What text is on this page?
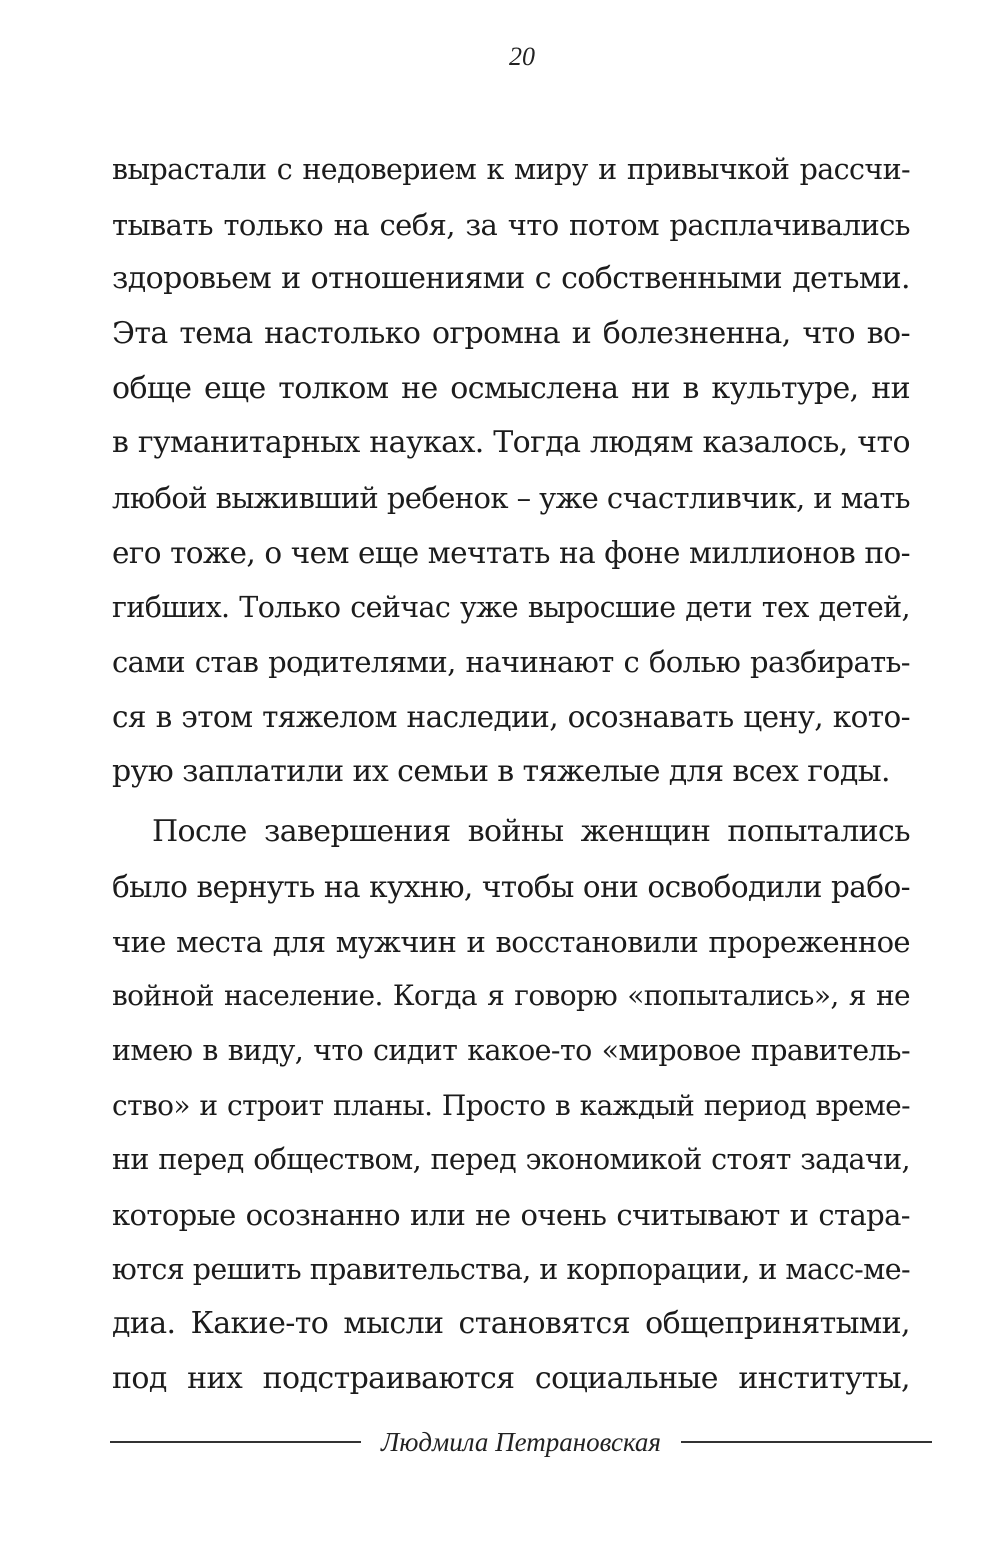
20
вырастали с недоверием к миру и привычкой рассчи-
тывать только на себя, за что потом расплачивались
здоровьем и отношениями с собственными детьми.
Эта тема настолько огромна и болезненна, что во-
обще еще толком не осмыслена ни в культуре, ни
в гуманитарных науках. Тогда людям казалось, что
любой выживший ребенок – уже счастливчик, и мать
его тоже, о чем еще мечтать на фоне миллионов по-
гибших. Только сейчас уже выросшие дети тех детей,
сами став родителями, начинают с болью разбирать-
ся в этом тяжелом наследии, осознавать цену, кото-
рую заплатили их семьи в тяжелые для всех годы.
После завершения войны женщин попытались
было вернуть на кухню, чтобы они освободили рабо-
чие места для мужчин и восстановили прореженное
войной население. Когда я говорю «попытались», я не
имею в виду, что сидит какое-то «мировое правитель-
ство» и строит планы. Просто в каждый период време-
ни перед обществом, перед экономикой стоят задачи,
которые осознанно или не очень считывают и стара-
ются решить правительства, и корпорации, и масс-ме-
диа. Какие-то мысли становятся общепринятыми,
под них подстраиваются социальные институты,
Людмила Петрановская
